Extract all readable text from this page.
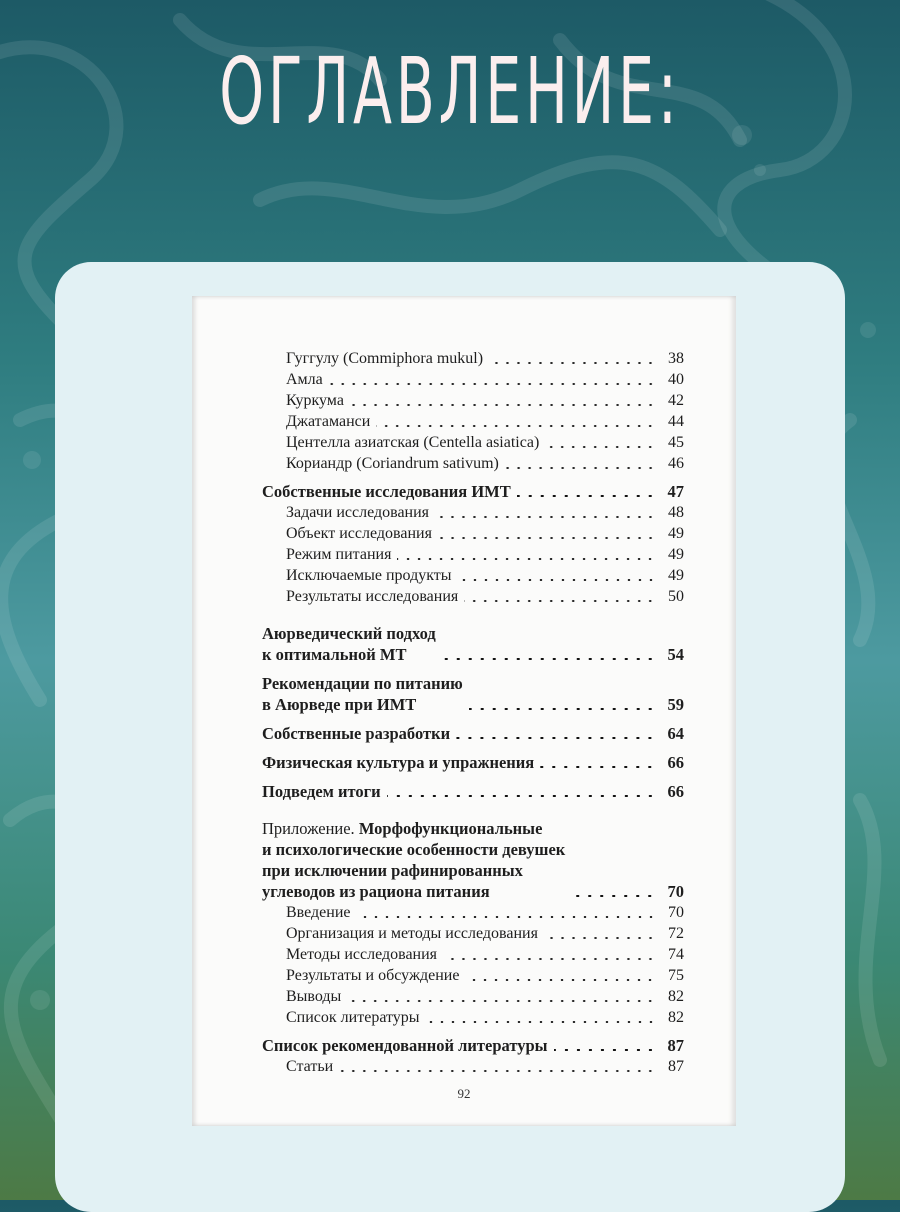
ОГЛАВЛЕНИЕ:
Гуггулу (Commiphora mukul)	38
Амла	40
Куркума	42
Джатаманси	44
Центелла азиатская (Centella asiatica)	45
Кориандр (Coriandrum sativum)	46
Собственные исследования ИМТ	47
Задачи исследования	48
Объект исследования	49
Режим питания	49
Исключаемые продукты	49
Результаты исследования	50
Аюрведический подход
к оптимальной МТ	54
Рекомендации по питанию
в Аюрведе при ИМТ	59
Собственные разработки	64
Физическая культура и упражнения	66
Подведем итоги	66
Приложение. Морфофункциональные
и психологические особенности девушек
при исключении рафинированных
углеводов из рациона питания	70
Введение	70
Организация и методы исследования	72
Методы исследования	74
Результаты и обсуждение	75
Выводы	82
Список литературы	82
Список рекомендованной литературы	87
Статьи	87
92
